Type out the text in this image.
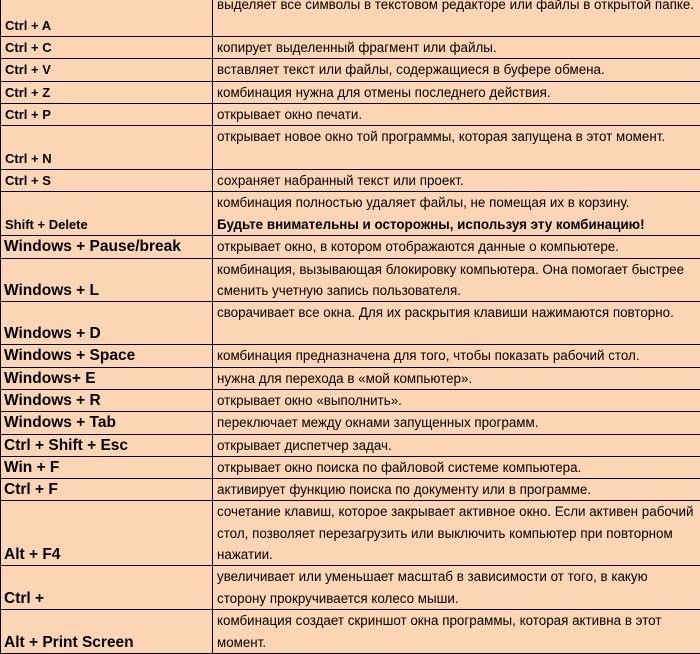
Ctrl + A	выделяет все символы в текстовом редакторе или файлы в открытой папке.

Ctrl + C	копирует выделенный фрагмент или файлы.

Ctrl + V	вставляет текст или файлы, содержащиеся в буфере обмена.

Ctrl + Z	комбинация нужна для отмены последнего действия.

Ctrl + P	открывает окно печати.

Ctrl + N	открывает новое окно той программы, которая запущена в этот момент.

Ctrl + S	сохраняет набранный текст или проект.

Shift + Delete	комбинация полностью удаляет файлы, не помещая их в корзину.
Будьте внимательны и осторожны, используя эту комбинацию!

Windows + Pause/break	открывает окно, в котором отображаются данные о компьютере.

Windows + L	комбинация, вызывающая блокировку компьютера. Она помогает быстрее сменить учетную запись пользователя.

Windows + D	сворачивает все окна. Для их раскрытия клавиши нажимаются повторно.

Windows + Space	комбинация предназначена для того, чтобы показать рабочий стол.

Windows+ E	нужна для перехода в «мой компьютер».

Windows + R	открывает окно «выполнить».

Windows + Tab	переключает между окнами запущенных программ.

Ctrl + Shift + Esc	открывает диспетчер задач.

Win + F	открывает окно поиска по файловой системе компьютера.

Ctrl + F	активирует функцию поиска по документу или в программе.

Alt + F4	сочетание клавиш, которое закрывает активное окно. Если активен рабочий стол, позволяет перезагрузить или выключить компьютер при повторном нажатии.

Ctrl +	увеличивает или уменьшает масштаб в зависимости от того, в какую сторону прокручивается колесо мыши.

Alt + Print Screen	комбинация создает скриншот окна программы, которая активна в этот момент.
